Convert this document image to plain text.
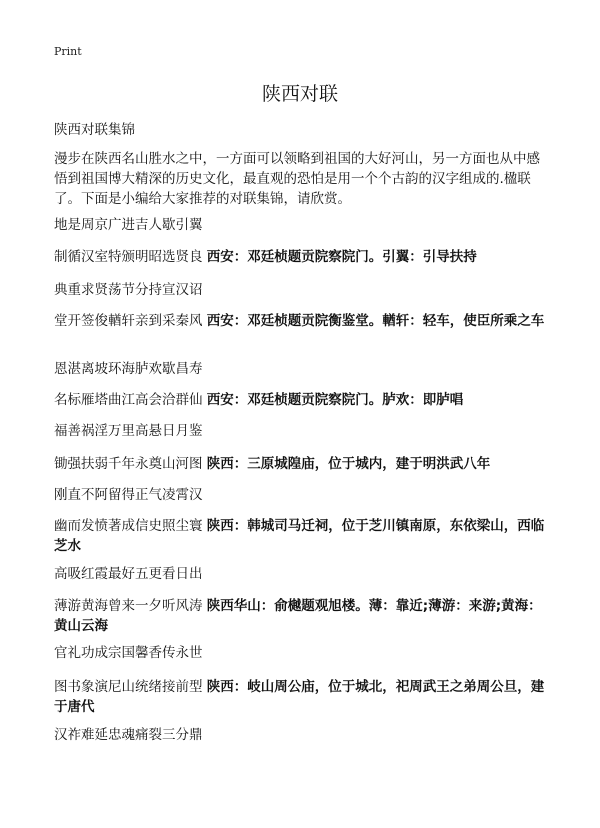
Print
陕西对联

陕西对联集锦

漫步在陕西名山胜水之中，一方面可以领略到祖国的大好河山，另一方面也从中感悟到祖国博大精深的历史文化，最直观的恐怕是用一个个古韵的汉字组成的.楹联了。下面是小编给大家推荐的对联集锦，请欣赏。

地是周京广进吉人歇引翼

制循汉室特颁明昭选贤良 西安：邓廷桢题贡院察院门。引翼：引导扶持

典重求贤荡节分持宣汉诏

堂开签俊輶轩亲到采秦风 西安：邓廷桢题贡院衡鉴堂。輶轩：轻车，使臣所乘之车

恩湛离坡环海胪欢歇昌寿

名标雁塔曲江高会洽群仙 西安：邓廷桢题贡院察院门。胪欢：即胪唱

福善祸淫万里高悬日月鉴

锄强扶弱千年永奠山河图 陕西：三原城隍庙，位于城内，建于明洪武八年

刚直不阿留得正气凌霄汉

幽而发愤著成信史照尘寰 陕西：韩城司马迁祠，位于芝川镇南原，东依梁山，西临芝水

高吸红霞最好五更看日出

薄游黄海曾来一夕听风涛 陕西华山：俞樾题观旭楼。薄：靠近;薄游：来游;黄海：黄山云海

官礼功成宗国馨香传永世

图书象演尼山统绪接前型 陕西：岐山周公庙，位于城北，祀周武王之弟周公旦，建于唐代

汉祚难延忠魂痛裂三分鼎
